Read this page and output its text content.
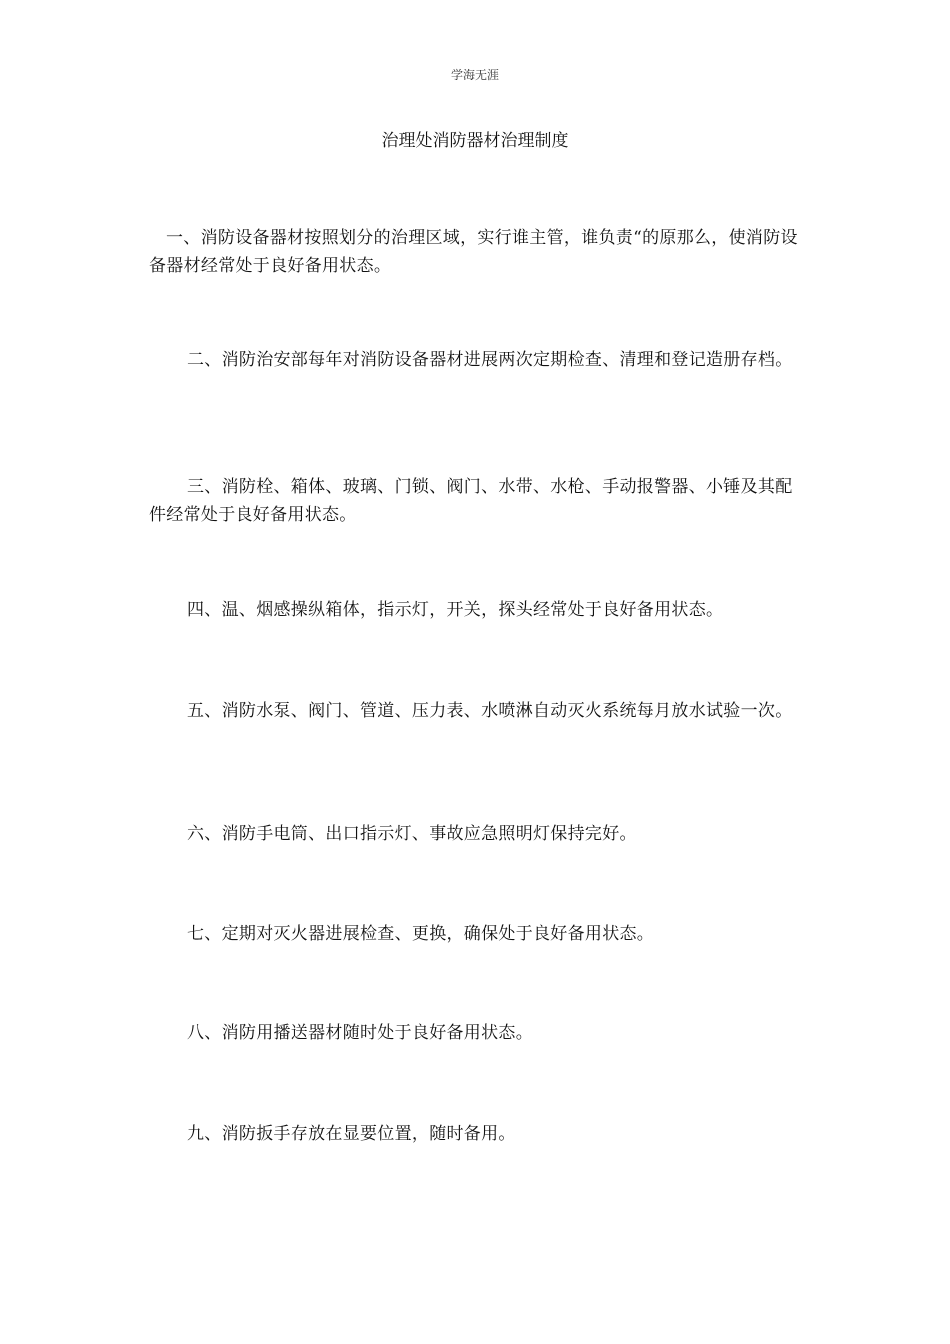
学海无涯
治理处消防器材治理制度

一、消防设备器材按照划分的治理区域，实行谁主管，谁负责“的原那么，使消防设备器材经常处于良好备用状态。

二、消防治安部每年对消防设备器材进展两次定期检查、清理和登记造册存档。

三、消防栓、箱体、玻璃、门锁、阀门、水带、水枪、手动报警器、小锤及其配件经常处于良好备用状态。

四、温、烟感操纵箱体，指示灯，开关，探头经常处于良好备用状态。

五、消防水泵、阀门、管道、压力表、水喷淋自动灭火系统每月放水试验一次。

六、消防手电筒、出口指示灯、事故应急照明灯保持完好。

七、定期对灭火器进展检查、更换，确保处于良好备用状态。

八、消防用播送器材随时处于良好备用状态。

九、消防扳手存放在显要位置，随时备用。
